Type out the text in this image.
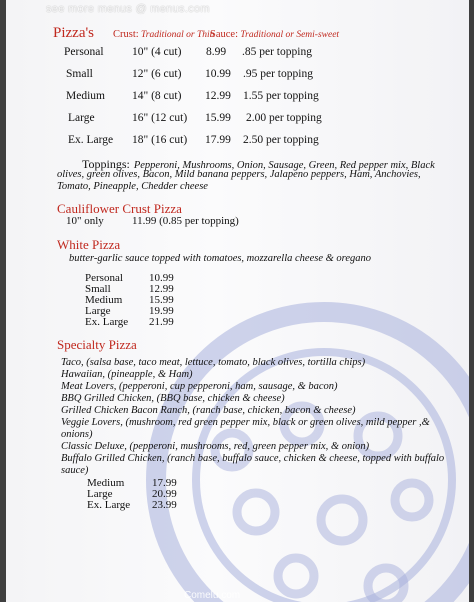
Pizza's Crust: Traditional or Thin
Sauce: Traditional or Semi-sweet
Personal 10" (4 cut) 8.99 .85 per topping
Small	12" (6 cut) 10.99 .95 per topping
Medium 14" (8 cut) 12.99 1.55 per topping
Large	16" (12 cut) 15.99 2.00 per topping
Ex. Large 18" (16 cut) 17.99 2.50 per topping
Toppings: Pepperoni, Mushrooms, Onion, Sausage, Green, Red pepper mix, Black
olives, green olives, Bacon, Mild banana peppers, Jalapeno peppers, Ham, Anchovies,
Tomato, Pineapple, Chedder cheese
Cauliflower Crust Pizza
10" only	11.99 (0.85 per topping)
White Pizza
butter-garlic sauce topped with tomatoes, mozzarella cheese & oregano
Personal 10.99
Small	12.99
Medium 15.99
Large	19.99
Ex. Large 21.99
Specialty Pizza
Taco, (salsa base, taco meat, lettuce, tomato, black olives, tortilla chips)
Hawaiian, (pineapple, & Ham)
Meat Lovers, (pepperoni, cup pepperoni, ham, sausage, & bacon)
BBQ Grilled Chicken, (BBQ base, chicken & cheese)
Grilled Chicken Bacon Ranch, (ranch base, chicken, bacon & cheese)
Veggie Lovers, (mushroom, red green pepper mix, black or green olives, mild pepper ,&
onions)
Classic Deluxe, (pepperoni, mushrooms, red, green pepper mix, & onion)
Buffalo Grilled Chicken, (ranch base, buffalo sauce, chicken & cheese, topped with buffalo
sauce)
Medium	17.99
Large	20.99
Ex. Large 23.99
see more menus @ menus.com
Comelu.com
